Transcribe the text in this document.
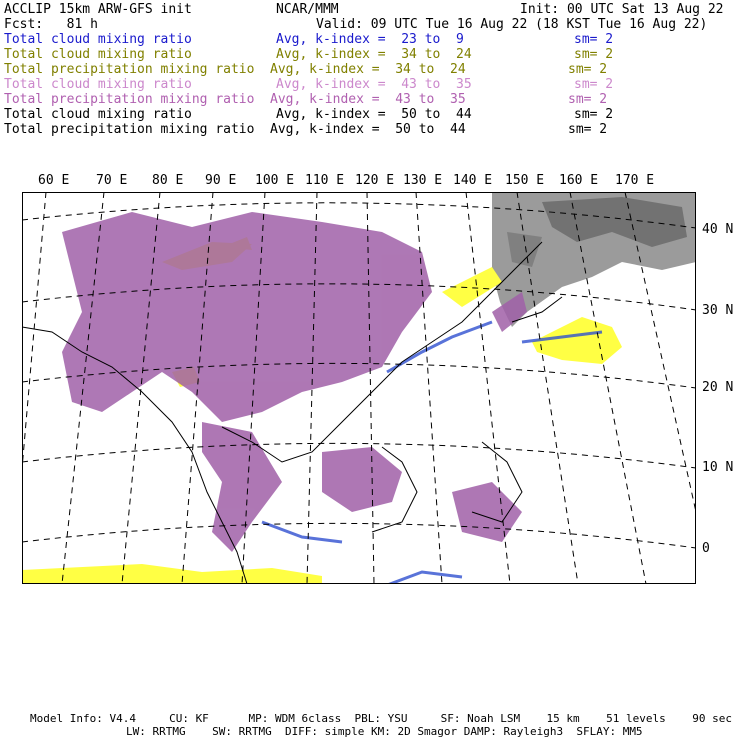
ACCLIP 15km ARW-GFS init	NCAR/MMM	Init: 00 UTC Sat 13 Aug 22
Fcst:   81 h	Valid: 09 UTC Tue 16 Aug 22 (18 KST Tue 16 Aug 22)
Total cloud mixing ratio	Avg, k-index =  23 to  9	sm= 2
Total cloud mixing ratio	Avg, k-index =  34 to  24	sm= 2
Total precipitation mixing ratio Avg, k-index =  34 to  24	sm= 2
Total cloud mixing ratio	Avg, k-index =  43 to  35	sm= 2
Total precipitation mixing ratio Avg, k-index =  43 to  35	sm= 2
Total cloud mixing ratio	Avg, k-index =  50 to  44	sm= 2
Total precipitation mixing ratio Avg, k-index =  50 to  44	sm= 2
60 E 70 E 80 E 90 E 100 E 110 E 120 E 130 E 140 E 150 E 160 E 170 E
40 N
30 N
20 N
10 N
0
Model Info: V4.4     CU: KF      MP: WDM 6class  PBL: YSU     SF: Noah LSM    15 km    51 levels    90 sec
LW: RRTMG    SW: RRTMG  DIFF: simple KM: 2D Smagor DAMP: Rayleigh3  SFLAY: MM5
